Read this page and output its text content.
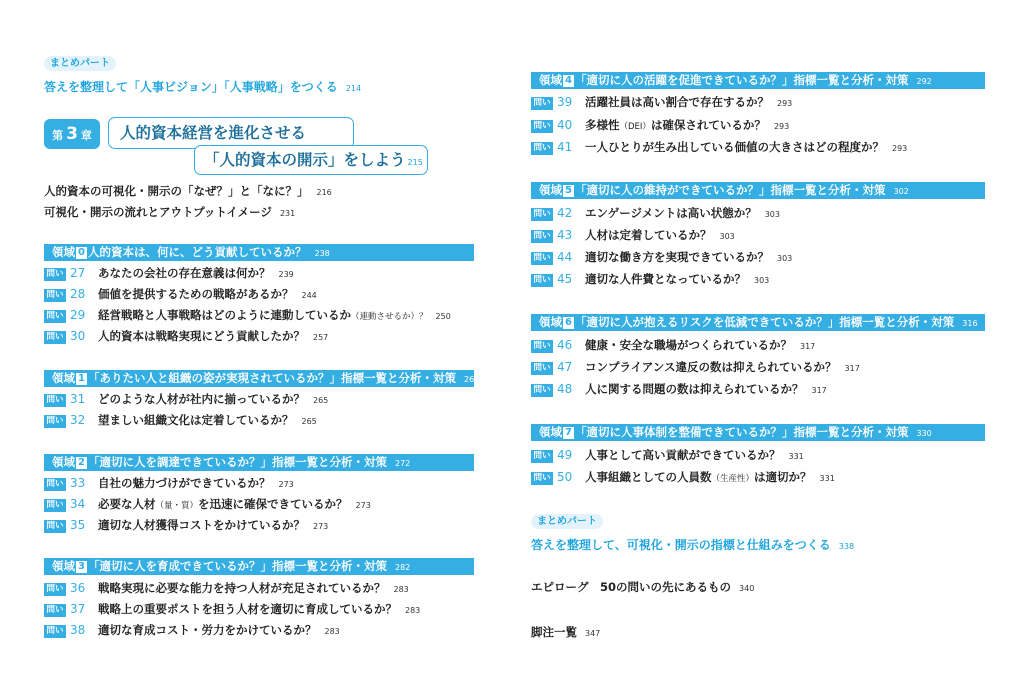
まとめパート
答えを整理して「人事ビジョン」「人事戦略」をつくる 214
第 3 章	人的資本経営を進化させる
「人的資本の開示」をしよう 215
人的資本の可視化・開示の「なぜ？」と「なに？」 216
可視化・開示の流れとアウトプットイメージ 231
領域 0 人的資本は、何に、どう貢献しているか？ 238
問い 27 あなたの会社の存在意義は何か？ 239
問い 28 価値を提供するための戦略があるか？ 244
問い 29 経営戦略と人事戦略はどのように連動しているか（連動させるか）？ 250
問い 30 人的資本は戦略実現にどう貢献したか？ 257
領域 1 「ありたい人と組織の姿が実現されているか？」指標一覧と分析・対策 264
問い 31 どのような人材が社内に揃っているか？ 265
問い 32 望ましい組織文化は定着しているか？ 265
領域 2 「適切に人を調達できているか？」指標一覧と分析・対策 272
問い 33 自社の魅力づけができているか？ 273
問い 34 必要な人材（量・質）を迅速に確保できているか？ 273
問い 35 適切な人材獲得コストをかけているか？ 273
領域 3 「適切に人を育成できているか？」指標一覧と分析・対策 282
問い 36 戦略実現に必要な能力を持つ人材が充足されているか？ 283
問い 37 戦略上の重要ポストを担う人材を適切に育成しているか？ 283
問い 38 適切な育成コスト・労力をかけているか？ 283
領域 4 「適切に人の活躍を促進できているか？」指標一覧と分析・対策 292
問い 39 活躍社員は高い割合で存在するか？ 293
問い 40 多様性（DEI）は確保されているか？ 293
問い 41 一人ひとりが生み出している価値の大きさはどの程度か？ 293
領域 5 「適切に人の維持ができているか？」指標一覧と分析・対策 302
問い 42 エンゲージメントは高い状態か？ 303
問い 43 人材は定着しているか？ 303
問い 44 適切な働き方を実現できているか？ 303
問い 45 適切な人件費となっているか？ 303
領域 6 「適切に人が抱えるリスクを低減できているか？」指標一覧と分析・対策 316
問い 46 健康・安全な職場がつくられているか？ 317
問い 47 コンプライアンス違反の数は抑えられているか？ 317
問い 48 人に関する問題の数は抑えられているか？ 317
領域 7 「適切に人事体制を整備できているか？」指標一覧と分析・対策 330
問い 49 人事として高い貢献ができているか？ 331
問い 50 人事組織としての人員数（生産性）は適切か？ 331
まとめパート
答えを整理して、可視化・開示の指標と仕組みをつくる 338
エピローグ　50の問いの先にあるもの 340
脚注一覧 347
